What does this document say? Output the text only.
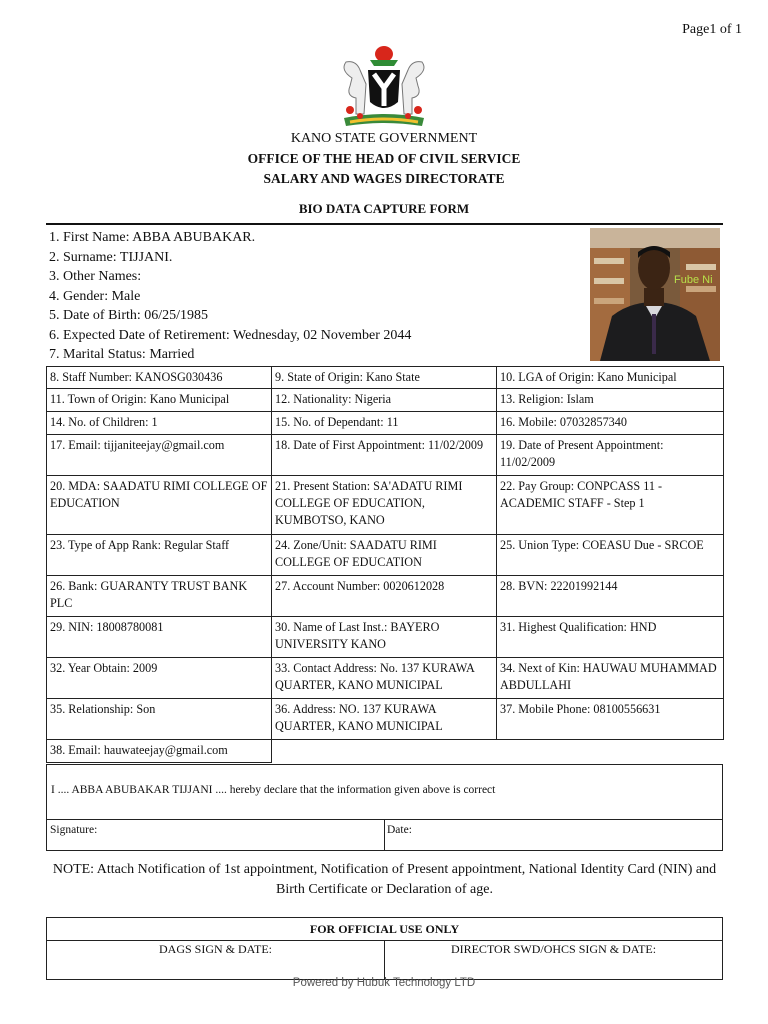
Page1 of 1
KANO STATE GOVERNMENT
OFFICE OF THE HEAD OF CIVIL SERVICE
SALARY AND WAGES DIRECTORATE
BIO DATA CAPTURE FORM
1. First Name: ABBA ABUBAKAR.
2. Surname: TIJJANI.
3. Other Names:
4. Gender: Male
5. Date of Birth: 06/25/1985
6. Expected Date of Retirement: Wednesday, 02 November 2044
7. Marital Status: Married
Fube Ni
8. Staff Number: KANOSG030436	9. State of Origin: Kano State	10. LGA of Origin: Kano Municipal
11. Town of Origin: Kano Municipal	12. Nationality: Nigeria	13. Religion: Islam
14. No. of Children: 1	15. No. of Dependant: 11	16. Mobile: 07032857340
17. Email: tijjaniteejay@gmail.com	18. Date of First Appointment: 11/02/2009	19. Date of Present Appointment: 11/02/2009
20. MDA: SAADATU RIMI COLLEGE OF EDUCATION	21. Present Station: SA'ADATU RIMI COLLEGE OF EDUCATION, KUMBOTSO, KANO	22. Pay Group: CONPCASS 11 - ACADEMIC STAFF - Step 1
23. Type of App Rank: Regular Staff	24. Zone/Unit: SAADATU RIMI COLLEGE OF EDUCATION	25. Union Type: COEASU Due - SRCOE
26. Bank: GUARANTY TRUST BANK PLC	27. Account Number: 0020612028	28. BVN: 22201992144
29. NIN: 18008780081	30. Name of Last Inst.: BAYERO UNIVERSITY KANO	31. Highest Qualification: HND
32. Year Obtain: 2009	33. Contact Address: No. 137 KURAWA QUARTER, KANO MUNICIPAL	34. Next of Kin: HAUWAU MUHAMMAD ABDULLAHI
35. Relationship: Son	36. Address: NO. 137 KURAWA QUARTER, KANO MUNICIPAL	37. Mobile Phone: 08100556631
38. Email: hauwateejay@gmail.com		
I .... ABBA ABUBAKAR TIJJANI .... hereby declare that the information given above is correct
Signature:	Date:
NOTE: Attach Notification of 1st appointment, Notification of Present appointment, National Identity Card (NIN) and Birth Certificate or Declaration of age.
FOR OFFICIAL USE ONLY
DAGS SIGN & DATE:	DIRECTOR SWD/OHCS SIGN & DATE:
Powered by Hubuk Technology LTD
